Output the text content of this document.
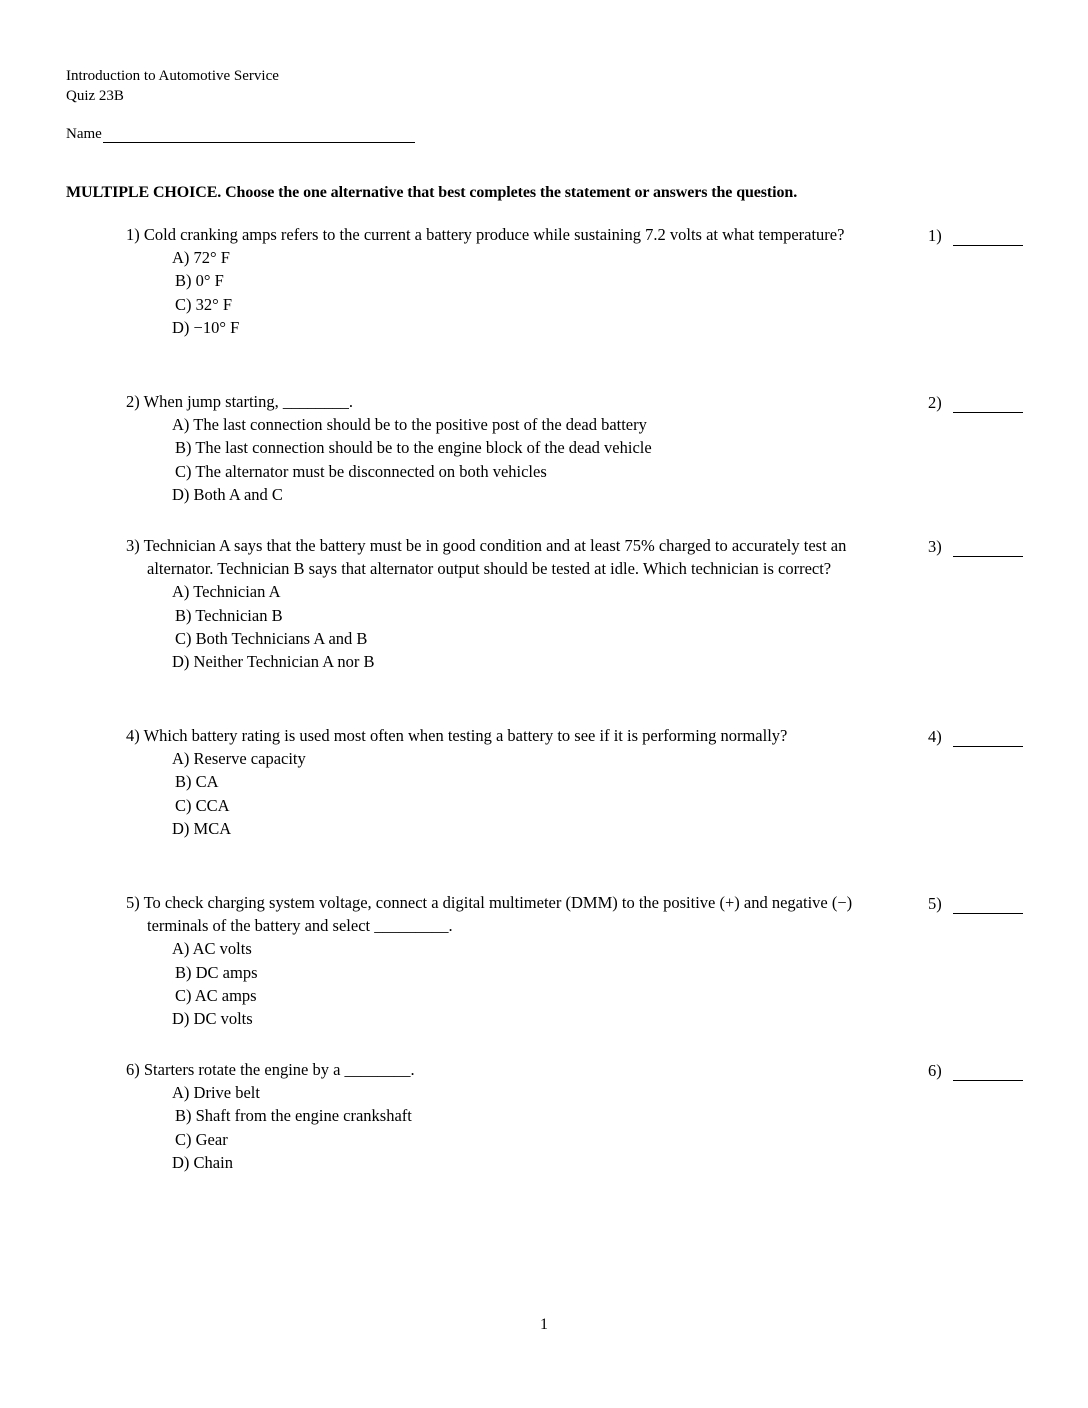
Introduction to Automotive Service
Quiz 23B
Name
MULTIPLE CHOICE. Choose the one alternative that best completes the statement or answers the question.
1) Cold cranking amps refers to the current a battery produce while sustaining 7.2 volts at what temperature?
A) 72° F
B) 0° F
C) 32° F
D) −10° F
1)
2) When jump starting, ________.
A) The last connection should be to the positive post of the dead battery
B) The last connection should be to the engine block of the dead vehicle
C) The alternator must be disconnected on both vehicles
D) Both A and C
2)
3) Technician A says that the battery must be in good condition and at least 75% charged to accurately test an alternator. Technician B says that alternator output should be tested at idle. Which technician is correct?
A) Technician A
B) Technician B
C) Both Technicians A and B
D) Neither Technician A nor B
3)
4) Which battery rating is used most often when testing a battery to see if it is performing normally?
A) Reserve capacity
B) CA
C) CCA
D) MCA
4)
5) To check charging system voltage, connect a digital multimeter (DMM) to the positive (+) and negative (−) terminals of the battery and select _________.
A) AC volts
B) DC amps
C) AC amps
D) DC volts
5)
6) Starters rotate the engine by a ________.
A) Drive belt
B) Shaft from the engine crankshaft
C) Gear
D) Chain
6)
1
